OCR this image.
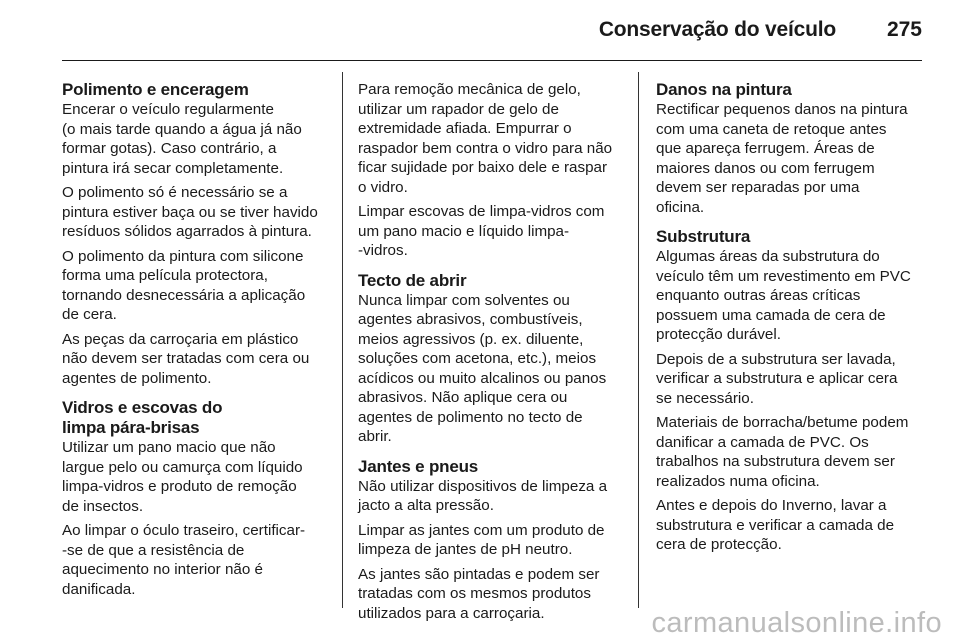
Conservação do veículo 275
Polimento e enceragem

Encerar o veículo regularmente
(o mais tarde quando a água já não
formar gotas). Caso contrário, a
pintura irá secar completamente.

O polimento só é necessário se a
pintura estiver baça ou se tiver havido
resíduos sólidos agarrados à pintura.

O polimento da pintura com silicone
forma uma película protectora,
tornando desnecessária a aplicação
de cera.

As peças da carroçaria em plástico
não devem ser tratadas com cera ou
agentes de polimento.

Vidros e escovas do
limpa pára-brisas

Utilizar um pano macio que não
largue pelo ou camurça com líquido
limpa-vidros e produto de remoção
de insectos.

Ao limpar o óculo traseiro, certificar-
-se de que a resistência de
aquecimento no interior não é
danificada.

Para remoção mecânica de gelo,
utilizar um rapador de gelo de
extremidade afiada. Empurrar o
raspador bem contra o vidro para não
ficar sujidade por baixo dele e raspar
o vidro.

Limpar escovas de limpa-vidros com
um pano macio e líquido limpa-
-vidros.

Tecto de abrir

Nunca limpar com solventes ou
agentes abrasivos, combustíveis,
meios agressivos (p. ex. diluente,
soluções com acetona, etc.), meios
acídicos ou muito alcalinos ou panos
abrasivos. Não aplique cera ou
agentes de polimento no tecto de
abrir.

Jantes e pneus

Não utilizar dispositivos de limpeza a
jacto a alta pressão.

Limpar as jantes com um produto de
limpeza de jantes de pH neutro.

As jantes são pintadas e podem ser
tratadas com os mesmos produtos
utilizados para a carroçaria.

Danos na pintura

Rectificar pequenos danos na pintura
com uma caneta de retoque antes
que apareça ferrugem. Áreas de
maiores danos ou com ferrugem
devem ser reparadas por uma
oficina.

Substrutura

Algumas áreas da substrutura do
veículo têm um revestimento em PVC
enquanto outras áreas críticas
possuem uma camada de cera de
protecção durável.

Depois de a substrutura ser lavada,
verificar a substrutura e aplicar cera
se necessário.

Materiais de borracha/betume podem
danificar a camada de PVC. Os
trabalhos na substrutura devem ser
realizados numa oficina.

Antes e depois do Inverno, lavar a
substrutura e verificar a camada de
cera de protecção.

carmanualsonline.info
